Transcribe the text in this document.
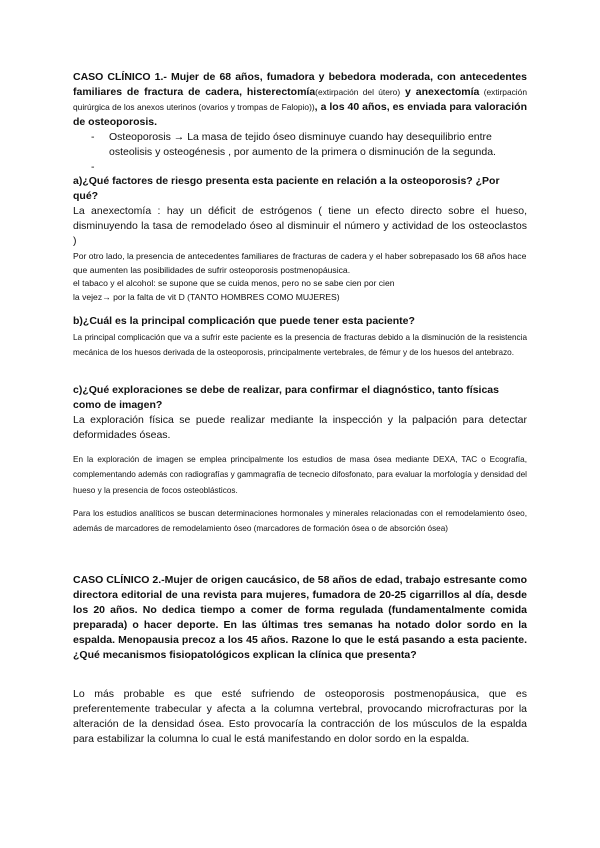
CASO CLÍNICO 1.- Mujer de 68 años, fumadora y bebedora moderada, con antecedentes familiares de fractura de cadera, histerectomía(extirpación del útero) y anexectomía (extirpación quirúrgica de los anexos uterinos (ovarios y trompas de Falopio)), a los 40 años, es enviada para valoración de osteoporosis.

- Osteoporosis → La masa de tejido óseo disminuye cuando hay desequilibrio entre osteolisis y osteogénesis , por aumento de la primera o disminución de la segunda.
-

a)¿Qué factores de riesgo presenta esta paciente en relación a la osteoporosis? ¿Por qué?

La anexectomía : hay un déficit de estrógenos ( tiene un efecto directo sobre el hueso, disminuyendo la tasa de remodelado óseo al disminuir el número y actividad de los osteoclastos )

Por otro lado, la presencia de antecedentes familiares de fracturas de cadera y el haber sobrepasado los 68 años hace que aumenten las posibilidades de sufrir osteoporosis postmenopáusica.

el tabaco y el alcohol: se supone que se cuida menos, pero no se sabe cien por cien

la vejez→ por la falta de vit D (TANTO HOMBRES COMO MUJERES)

b)¿Cuál es la principal complicación que puede tener esta paciente?

La principal complicación que va a sufrir este paciente es la presencia de fracturas debido a la disminución de la resistencia mecánica de los huesos derivada de la osteoporosis, principalmente vertebrales, de fémur y de los huesos del antebrazo.

c)¿Qué exploraciones se debe de realizar, para confirmar el diagnóstico, tanto físicas como de imagen?

La exploración física se puede realizar mediante la inspección y la palpación para detectar deformidades óseas.

En la exploración de imagen se emplea principalmente los estudios de masa ósea mediante DEXA, TAC o Ecografía, complementando además con radiografías y gammagrafía de tecnecio difosfonato, para evaluar la morfología y densidad del hueso y la presencia de focos osteoblásticos.

Para los estudios analíticos se buscan determinaciones hormonales y minerales relacionadas con el remodelamiento óseo, además de marcadores de remodelamiento óseo (marcadores de formación ósea o de absorción ósea)

CASO CLÍNICO 2.-Mujer de origen caucásico, de 58 años de edad, trabajo estresante como directora editorial de una revista para mujeres, fumadora de 20-25 cigarrillos al día, desde los 20 años. No dedica tiempo a comer de forma regulada (fundamentalmente comida preparada) o hacer deporte. En las últimas tres semanas ha notado dolor sordo en la espalda. Menopausia precoz a los 45 años. Razone lo que le está pasando a esta paciente. ¿Qué mecanismos fisiopatológicos explican la clínica que presenta?

Lo más probable es que esté sufriendo de osteoporosis postmenopáusica, que es preferentemente trabecular y afecta a la columna vertebral, provocando microfracturas por la alteración de la densidad ósea. Esto provocaría la contracción de los músculos de la espalda para estabilizar la columna lo cual le está manifestando en dolor sordo en la espalda.
